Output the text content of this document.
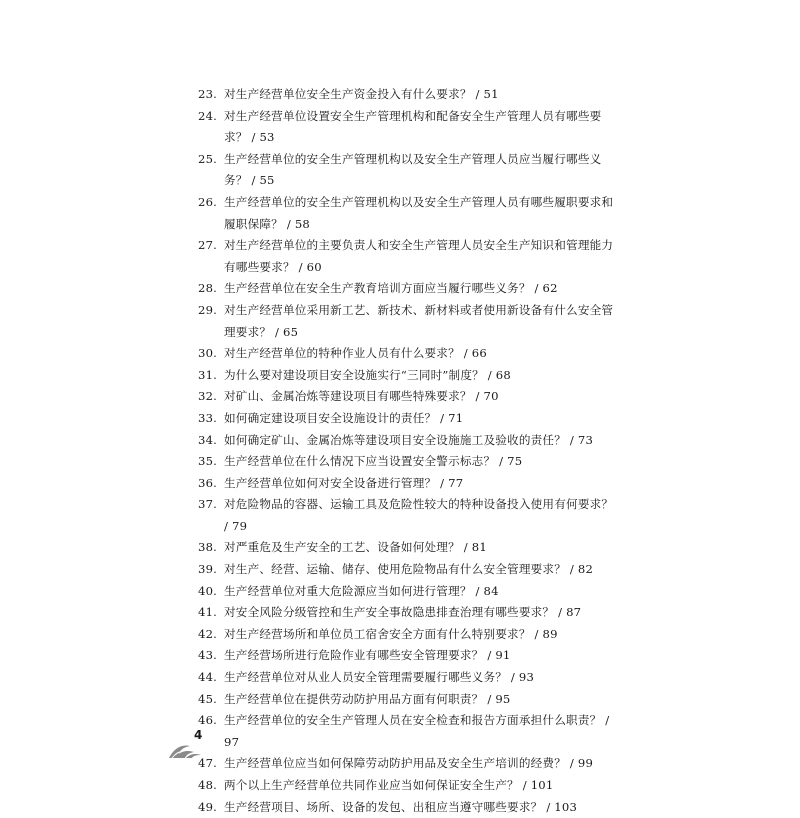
23. 对生产经营单位安全生产资金投入有什么要求？ / 51
24. 对生产经营单位设置安全生产管理机构和配备安全生产管理人员有哪些要求？ / 53
25. 生产经营单位的安全生产管理机构以及安全生产管理人员应当履行哪些义务？ / 55
26. 生产经营单位的安全生产管理机构以及安全生产管理人员有哪些履职要求和履职保障？ / 58
27. 对生产经营单位的主要负责人和安全生产管理人员安全生产知识和管理能力有哪些要求？ / 60
28. 生产经营单位在安全生产教育培训方面应当履行哪些义务？ / 62
29. 对生产经营单位采用新工艺、新技术、新材料或者使用新设备有什么安全管理要求？ / 65
30. 对生产经营单位的特种作业人员有什么要求？ / 66
31. 为什么要对建设项目安全设施实行“三同时”制度？ / 68
32. 对矿山、金属冶炼等建设项目有哪些特殊要求？ / 70
33. 如何确定建设项目安全设施设计的责任？ / 71
34. 如何确定矿山、金属冶炼等建设项目安全设施施工及验收的责任？ / 73
35. 生产经营单位在什么情况下应当设置安全警示标志？ / 75
36. 生产经营单位如何对安全设备进行管理？ / 77
37. 对危险物品的容器、运输工具及危险性较大的特种设备投入使用有何要求？ / 79
38. 对严重危及生产安全的工艺、设备如何处理？ / 81
39. 对生产、经营、运输、储存、使用危险物品有什么安全管理要求？ / 82
40. 生产经营单位对重大危险源应当如何进行管理？ / 84
41. 对安全风险分级管控和生产安全事故隐患排查治理有哪些要求？ / 87
42. 对生产经营场所和单位员工宿舍安全方面有什么特别要求？ / 89
43. 生产经营场所进行危险作业有哪些安全管理要求？ / 91
44. 生产经营单位对从业人员安全管理需要履行哪些义务？ / 93
45. 生产经营单位在提供劳动防护用品方面有何职责？ / 95
46. 生产经营单位的安全生产管理人员在安全检查和报告方面承担什么职责？ / 97
47. 生产经营单位应当如何保障劳动防护用品及安全生产培训的经费？ / 99
48. 两个以上生产经营单位共同作业应当如何保证安全生产？ / 101
49. 生产经营项目、场所、设备的发包、出租应当遵守哪些要求？ / 103
4
